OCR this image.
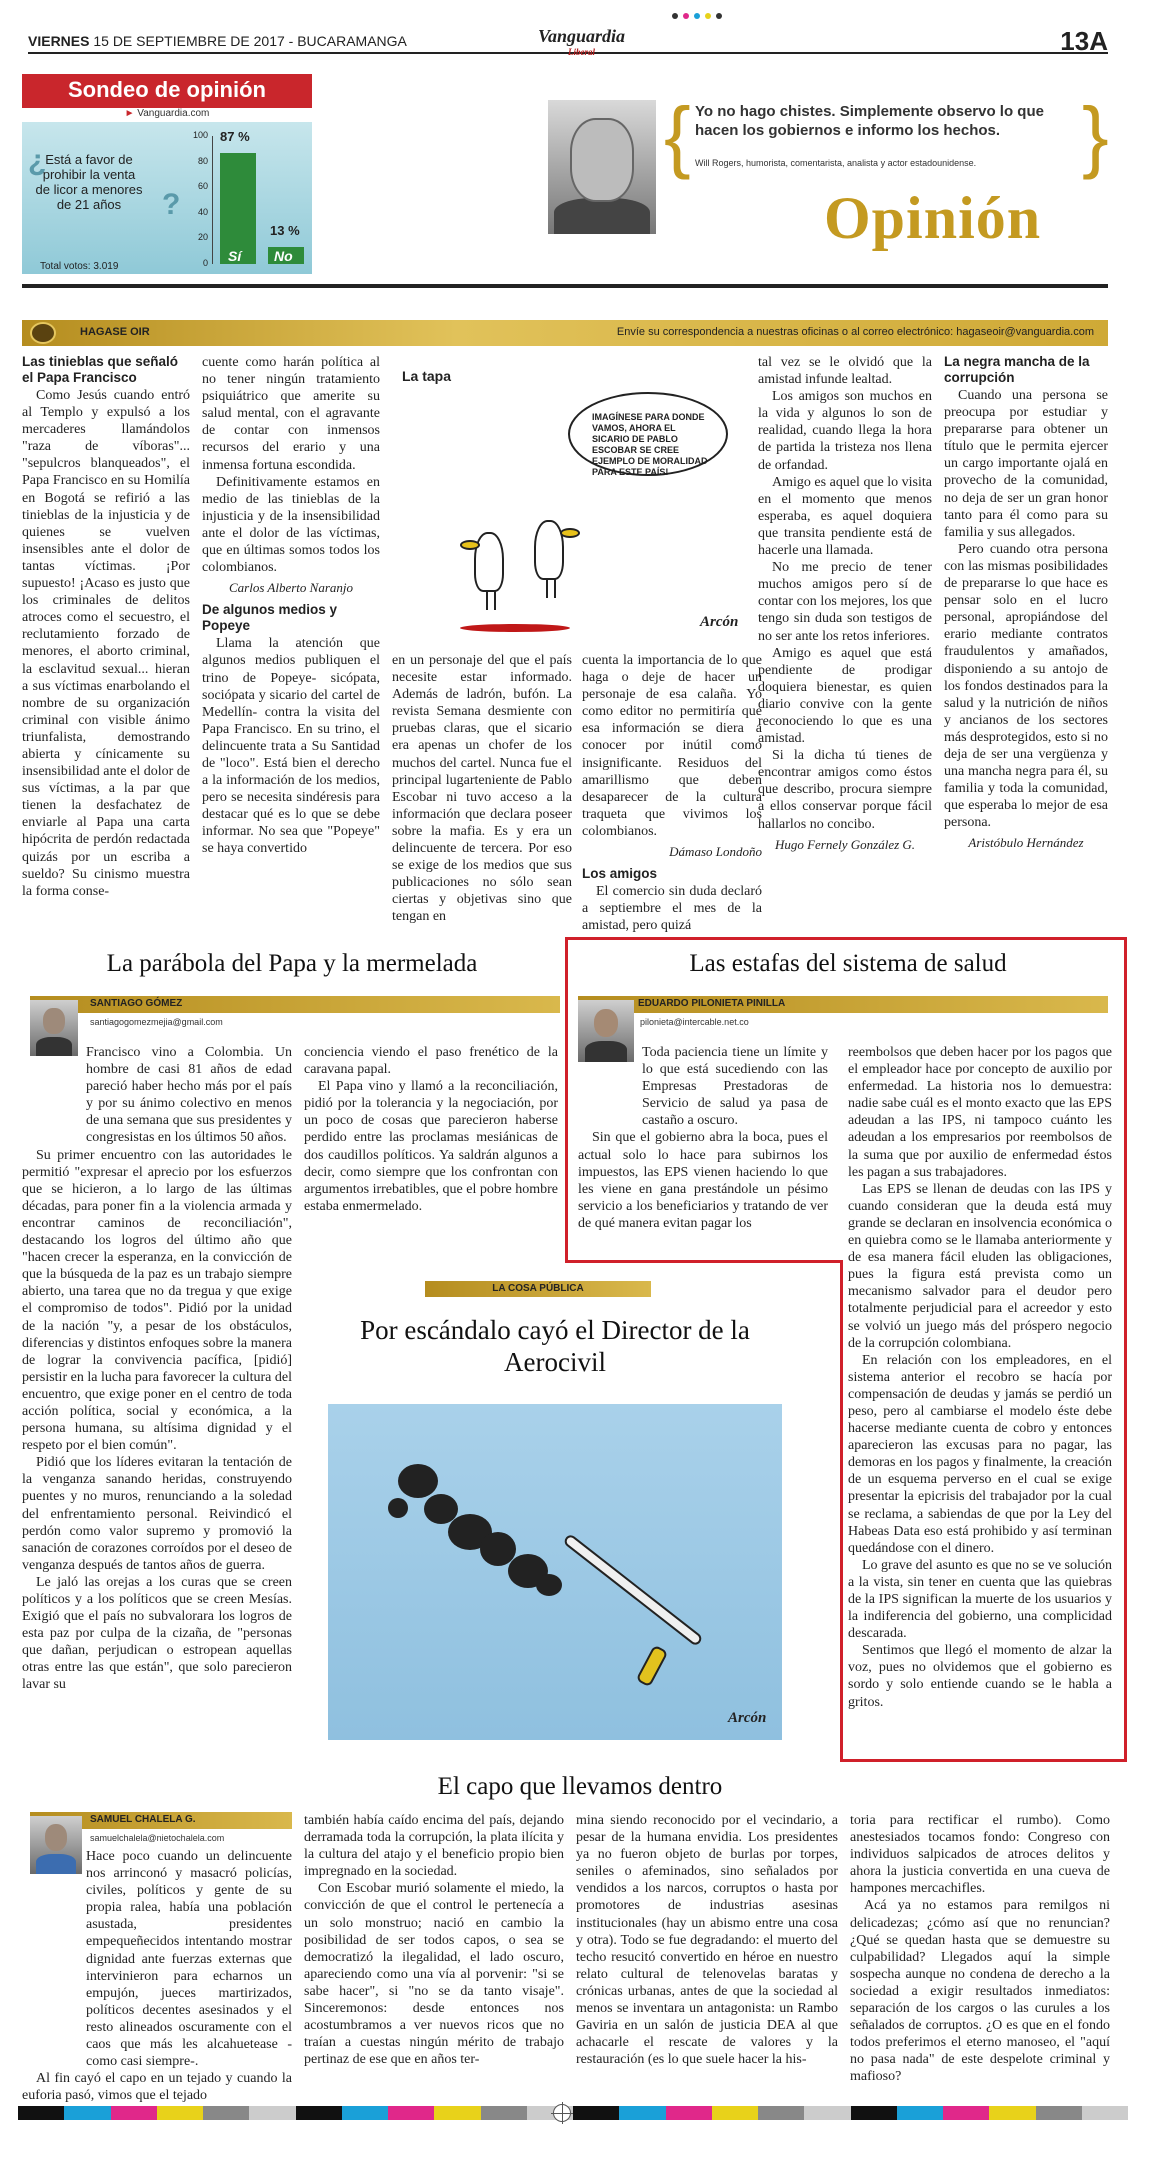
VIERNES 15 DE SEPTIEMBRE DE 2017 - BUCARAMANGA	Vanguardia
Liberal	13A
Sondeo de opinión
► Vanguardia.com
¿
?
Está a favor de prohibir la venta de licor a menores de 21 años
Total votos: 3.019
100
80
60
40
20
0
87 %
13 %
Sí No
{	}
Yo no hago chistes. Simplemente observo lo que hacen los gobiernos e informo los hechos.
Will Rogers, humorista, comentarista, analista y actor estadounidense.
Opinión
HAGASE OIR	Envíe su correspondencia a nuestras oficinas o al correo electrónico: hagaseoir@vanguardia.com
Las tinieblas que señaló el Papa Francisco

Como Jesús cuando entró al Templo y expulsó a los mercaderes llamándolos "raza de víboras"... "sepulcros blanqueados", el Papa Francisco en su Homilía en Bogotá se refirió a las tinieblas de la injusticia y de quienes se vuelven insensibles ante el dolor de tantas víctimas. ¡Por supuesto! ¡Acaso es justo que los criminales de delitos atroces como el secuestro, el reclutamiento forzado de menores, el aborto criminal, la esclavitud sexual... hieran a sus víctimas enarbolando el nombre de su organización criminal con visible ánimo triunfalista, demostrando abierta y cínicamente su insensibilidad ante el dolor de sus víctimas, a la par que tienen la desfachatez de enviarle al Papa una carta hipócrita de perdón redactada quizás por un escriba a sueldo? Su cinismo muestra la forma conse-

cuente como harán política al no tener ningún tratamiento psiquiátrico que amerite su salud mental, con el agravante de contar con inmensos recursos del erario y una inmensa fortuna escondida.

Definitivamente estamos en medio de las tinieblas de la injusticia y de la insensibilidad ante el dolor de las víctimas, que en últimas somos todos los colombianos.

Carlos Alberto Naranjo

De algunos medios y Popeye

Llama la atención que algunos medios publiquen el trino de Popeye- sicópata, sociópata y sicario del cartel de Medellín- contra la visita del Papa Francisco. En su trino, el delincuente trata a Su Santidad de "loco". Está bien el derecho a la información de los medios, pero se necesita sindéresis para destacar qué es lo que se debe informar. No sea que "Popeye" se haya convertido

La tapa
IMAGÍNESE PARA DONDE VAMOS, AHORA EL SICARIO DE PABLO ESCOBAR SE CREE EJEMPLO DE MORALIDAD PARA ESTE PAÍS!
Arcón

en un personaje del que el país necesite estar informado. Además de ladrón, bufón. La revista Semana desmiente con pruebas claras, que el sicario era apenas un chofer de los muchos del cartel. Nunca fue el principal lugarteniente de Pablo Escobar ni tuvo acceso a la información que declara poseer sobre la mafia. Es y era un delincuente de tercera. Por eso se exige de los medios que sus publicaciones no sólo sean ciertas y objetivas sino que tengan en

cuenta la importancia de lo que haga o deje de hacer un personaje de esa calaña. Yo como editor no permitiría que esa información se diera a conocer por inútil como insignificante. Residuos del amarillismo que deben desaparecer de la cultura traqueta que vivimos los colombianos.

Dámaso Londoño

Los amigos

El comercio sin duda declaró a septiembre el mes de la amistad, pero quizá

tal vez se le olvidó que la amistad infunde lealtad.

Los amigos son muchos en la vida y algunos lo son de realidad, cuando llega la hora de partida la tristeza nos llena de orfandad.

Amigo es aquel que lo visita en el momento que menos esperaba, es aquel doquiera que transita pendiente está de hacerle una llamada.

No me precio de tener muchos amigos pero sí de contar con los mejores, los que tengo sin duda son testigos de no ser ante los retos inferiores.

Amigo es aquel que está pendiente de prodigar doquiera bienestar, es quien diario convive con la gente reconociendo lo que es una amistad.

Si la dicha tú tienes de encontrar amigos como éstos que describo, procura siempre a ellos conservar porque fácil hallarlos no concibo.

Hugo Fernely González G.

La negra mancha de la corrupción

Cuando una persona se preocupa por estudiar y prepararse para obtener un título que le permita ejercer un cargo importante ojalá en provecho de la comunidad, no deja de ser un gran honor tanto para él como para su familia y sus allegados.

Pero cuando otra persona con las mismas posibilidades de prepararse lo que hace es pensar solo en el lucro personal, apropiándose del erario mediante contratos fraudulentos y amañados, disponiendo a su antojo de los fondos destinados para la salud y la nutrición de niños y ancianos de los sectores más desprotegidos, esto si no deja de ser una vergüenza y una mancha negra para él, su familia y toda la comunidad, que esperaba lo mejor de esa persona.

Aristóbulo Hernández

La parábola del Papa y la mermelada
SANTIAGO GÓMEZ
santiagogomezmejia@gmail.com

Francisco vino a Colombia. Un hombre de casi 81 años de edad pareció haber hecho más por el país y por su ánimo colectivo en menos de una semana que sus presidentes y congresistas en los últimos 50 años.

Su primer encuentro con las autoridades le permitió "expresar el aprecio por los esfuerzos que se hicieron, a lo largo de las últimas décadas, para poner fin a la violencia armada y encontrar caminos de reconciliación", destacando los logros del último año que "hacen crecer la esperanza, en la convicción de que la búsqueda de la paz es un trabajo siempre abierto, una tarea que no da tregua y que exige el compromiso de todos". Pidió por la unidad de la nación "y, a pesar de los obstáculos, diferencias y distintos enfoques sobre la manera de lograr la convivencia pacífica, [pidió] persistir en la lucha para favorecer la cultura del encuentro, que exige poner en el centro de toda acción política, social y económica, a la persona humana, su altísima dignidad y el respeto por el bien común".

Pidió que los líderes evitaran la tentación de la venganza sanando heridas, construyendo puentes y no muros, renunciando a la soledad del enfrentamiento personal. Reivindicó el perdón como valor supremo y promovió la sanación de corazones corroídos por el deseo de venganza después de tantos años de guerra.

Le jaló las orejas a los curas que se creen políticos y a los políticos que se creen Mesías. Exigió que el país no subvalorara los logros de esta paz por culpa de la cizaña, de "personas que dañan, perjudican o estropean aquellas otras entre las que están", que solo parecieron lavar su

conciencia viendo el paso frenético de la caravana papal.

El Papa vino y llamó a la reconciliación, pidió por la tolerancia y la negociación, por un poco de cosas que parecieron haberse perdido entre las proclamas mesiánicas de dos caudillos políticos. Ya saldrán algunos a decir, como siempre que los confrontan con argumentos irrebatibles, que el pobre hombre estaba enmermelado.

Las estafas del sistema de salud
EDUARDO PILONIETA PINILLA
pilonieta@intercable.net.co

Toda paciencia tiene un límite y lo que está sucediendo con las Empresas Prestadoras de Servicio de salud ya pasa de castaño a oscuro.

Sin que el gobierno abra la boca, pues el actual solo lo hace para subirnos los impuestos, las EPS vienen haciendo lo que les viene en gana prestándole un pésimo servicio a los beneficiarios y tratando de ver de qué manera evitan pagar los

reembolsos que deben hacer por los pagos que el empleador hace por concepto de auxilio por enfermedad. La historia nos lo demuestra: nadie sabe cuál es el monto exacto que las EPS adeudan a las IPS, ni tampoco cuánto les adeudan a los empresarios por reembolsos de la suma que por auxilio de enfermedad éstos les pagan a sus trabajadores.

Las EPS se llenan de deudas con las IPS y cuando consideran que la deuda está muy grande se declaran en insolvencia económica o en quiebra como se le llamaba anteriormente y de esa manera fácil eluden las obligaciones, pues la figura está prevista como un mecanismo salvador para el deudor pero totalmente perjudicial para el acreedor y esto se volvió un juego más del próspero negocio de la corrupción colombiana.

En relación con los empleadores, en el sistema anterior el recobro se hacía por compensación de deudas y jamás se perdió un peso, pero al cambiarse el modelo éste debe hacerse mediante cuenta de cobro y entonces aparecieron las excusas para no pagar, las demoras en los pagos y finalmente, la creación de un esquema perverso en el cual se exige presentar la epicrisis del trabajador por la cual se reclama, a sabiendas de que por la Ley del Habeas Data eso está prohibido y así terminan quedándose con el dinero.

Lo grave del asunto es que no se ve solución a la vista, sin tener en cuenta que las quiebras de la IPS significan la muerte de los usuarios y la indiferencia del gobierno, una complicidad descarada.

Sentimos que llegó el momento de alzar la voz, pues no olvidemos que el gobierno es sordo y solo entiende cuando se le habla a gritos.

LA COSA PÚBLICA
Por escándalo cayó el Director de la Aerocivil
Arcón
El capo que llevamos dentro
SAMUEL CHALELA G.
samuelchalela@nietochalela.com

Hace poco cuando un delincuente nos arrinconó y masacró policías, civiles, políticos y gente de su propia ralea, había una población asustada, presidentes empequeñecidos intentando mostrar dignidad ante fuerzas externas que intervinieron para echarnos un empujón, jueces martirizados, políticos decentes asesinados y el resto alineados oscuramente con el caos que más les alcahuetease -como casi siempre-.

Al fin cayó el capo en un tejado y cuando la euforia pasó, vimos que el tejado

también había caído encima del país, dejando derramada toda la corrupción, la plata ilícita y la cultura del atajo y el beneficio propio bien impregnado en la sociedad.

Con Escobar murió solamente el miedo, la convicción de que el control le pertenecía a un solo monstruo; nació en cambio la posibilidad de ser todos capos, o sea se democratizó la ilegalidad, el lado oscuro, apareciendo como una vía al porvenir: "si se sabe hacer", si "no se da tanto visaje". Sinceremonos: desde entonces nos acostumbramos a ver nuevos ricos que no traían a cuestas ningún mérito de trabajo pertinaz de ese que en años ter-

mina siendo reconocido por el vecindario, a pesar de la humana envidia. Los presidentes ya no fueron objeto de burlas por torpes, seniles o afeminados, sino señalados por vendidos a los narcos, corruptos o hasta por promotores de industrias asesinas institucionales (hay un abismo entre una cosa y otra). Todo se fue degradando: el muerto del techo resucitó convertido en héroe en nuestro relato cultural de telenovelas baratas y crónicas urbanas, antes de que la sociedad al menos se inventara un antagonista: un Rambo Gaviria en un salón de justicia DEA al que achacarle el rescate de valores y la restauración (es lo que suele hacer la his-

toria para rectificar el rumbo). Como anestesiados tocamos fondo: Congreso con individuos salpicados de atroces delitos y ahora la justicia convertida en una cueva de hampones mercachifles.

Acá ya no estamos para remilgos ni delicadezas; ¿cómo así que no renuncian? ¿Qué se quedan hasta que se demuestre su culpabilidad? Llegados aquí la simple sospecha aunque no condena de derecho a la sociedad a exigir resultados inmediatos: separación de los cargos o las curules a los señalados de corruptos. ¿O es que en el fondo todos preferimos el eterno manoseo, el "aquí no pasa nada" de este despelote criminal y mafioso?
